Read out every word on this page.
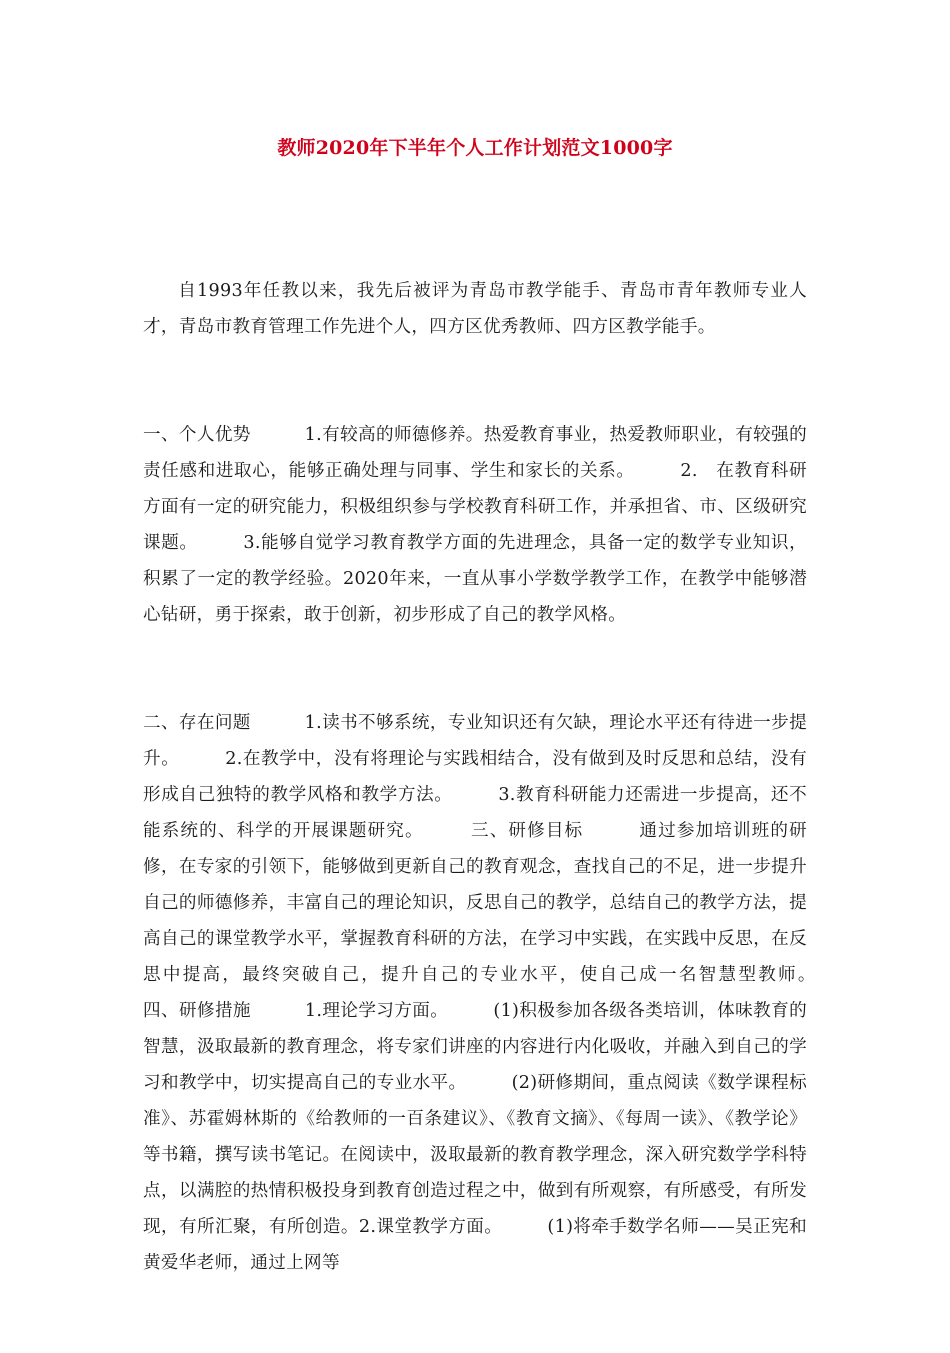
教师2020年下半年个人工作计划范文1000字

自1993年任教以来，我先后被评为青岛市教学能手、青岛市青年教师专业人才，青岛市教育管理工作先进个人，四方区优秀教师、四方区教学能手。

一、个人优势　　　1.有较高的师德修养。热爱教育事业，热爱教师职业，有较强的责任感和进取心，能够正确处理与同事、学生和家长的关系。　　　2.　在教育科研方面有一定的研究能力，积极组织参与学校教育科研工作，并承担省、市、区级研究课题。　　　3.能够自觉学习教育教学方面的先进理念，具备一定的数学专业知识，积累了一定的教学经验。2020年来，一直从事小学数学教学工作，在教学中能够潜心钻研，勇于探索，敢于创新，初步形成了自己的教学风格。

二、存在问题　　　1.读书不够系统，专业知识还有欠缺，理论水平还有待进一步提升。　　　2.在教学中，没有将理论与实践相结合，没有做到及时反思和总结，没有形成自己独特的教学风格和教学方法。　　　3.教育科研能力还需进一步提高，还不能系统的、科学的开展课题研究。　　　三、研修目标　　　通过参加培训班的研修，在专家的引领下，能够做到更新自己的教育观念，查找自己的不足，进一步提升自己的师德修养，丰富自己的理论知识，反思自己的教学，总结自己的教学方法，提高自己的课堂教学水平，掌握教育科研的方法，在学习中实践，在实践中反思，在反思中提高，最终突破自己，提升自己的专业水平，使自己成一名智慧型教师。　　　四、研修措施　　　1.理论学习方面。　　　(1)积极参加各级各类培训，体味教育的智慧，汲取最新的教育理念，将专家们讲座的内容进行内化吸收，并融入到自己的学习和教学中，切实提高自己的专业水平。　　　(2)研修期间，重点阅读《数学课程标准》、苏霍姆林斯的《给教师的一百条建议》、《教育文摘》、《每周一读》、《教学论》等书籍，撰写读书笔记。在阅读中，汲取最新的教育教学理念，深入研究数学学科特点，以满腔的热情积极投身到教育创造过程之中，做到有所观察，有所感受，有所发现，有所汇聚，有所创造。2.课堂教学方面。　　　(1)将牵手数学名师——吴正宪和黄爱华老师，通过上网等
